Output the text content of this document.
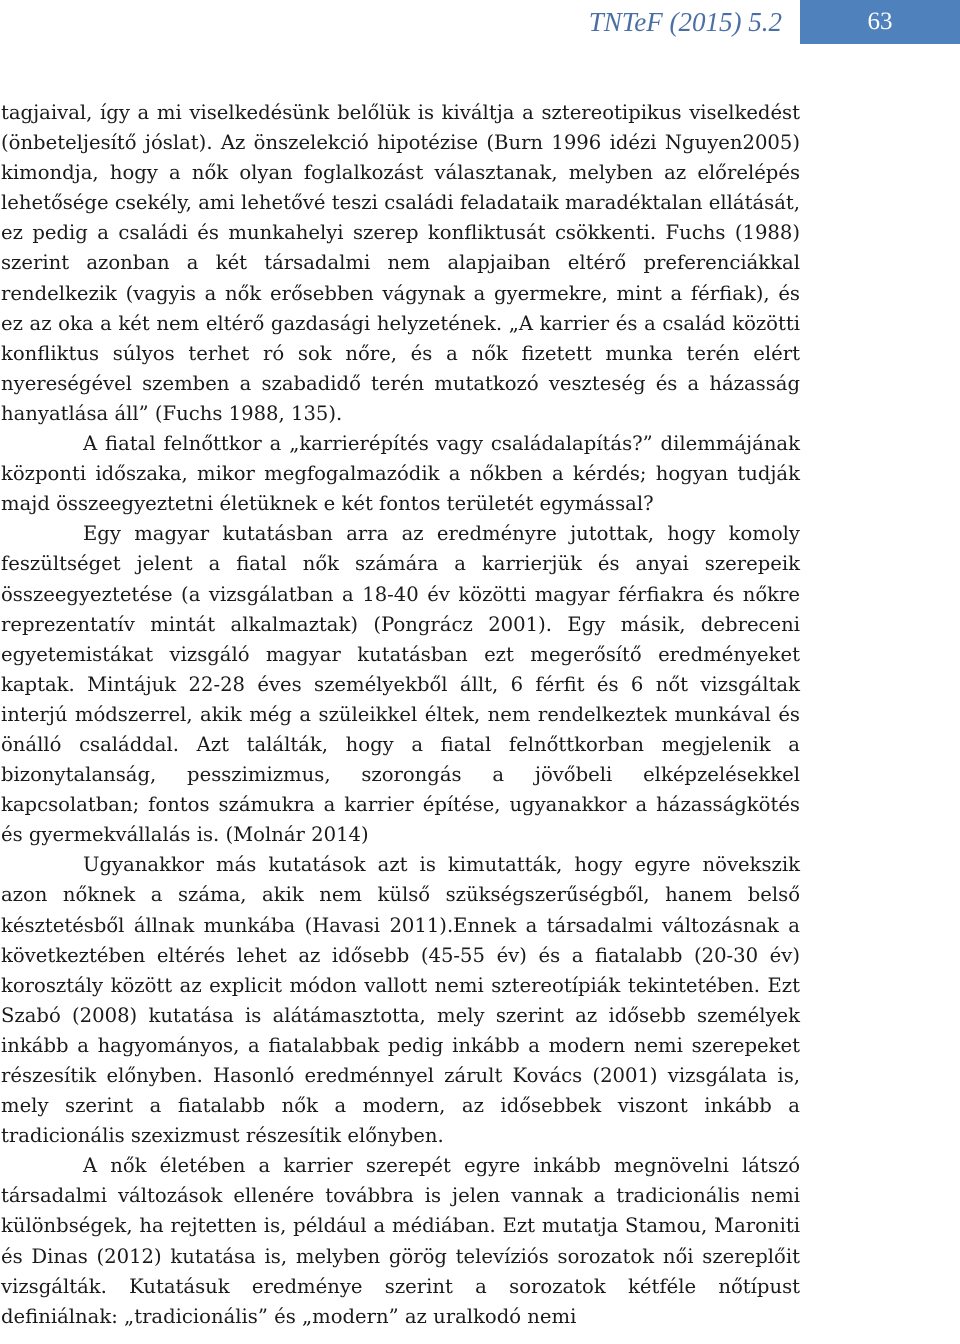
TNTeF (2015) 5.2	63

tagjaival, így a mi viselkedésünk belőlük is kiváltja a sztereotipikus viselkedést (önbeteljesítő jóslat). Az önszelekció hipotézise (Burn 1996 idézi Nguyen2005) kimondja, hogy a nők olyan foglalkozást választanak, melyben az előrelépés lehetősége csekély, ami lehetővé teszi családi feladataik maradéktalan ellátását, ez pedig a családi és munkahelyi szerep konfliktusát csökkenti. Fuchs (1988) szerint azonban a két társadalmi nem alapjaiban eltérő preferenciákkal rendelkezik (vagyis a nők erősebben vágynak a gyermekre, mint a férfiak), és ez az oka a két nem eltérő gazdasági helyzetének. „A karrier és a család közötti konfliktus súlyos terhet ró sok nőre, és a nők fizetett munka terén elért nyereségével szemben a szabadidő terén mutatkozó veszteség és a házasság hanyatlása áll” (Fuchs 1988, 135).

A fiatal felnőttkor a „karrierépítés vagy családalapítás?” dilemmájának központi időszaka, mikor megfogalmazódik a nőkben a kérdés; hogyan tudják majd összeegyeztetni életüknek e két fontos területét egymással?

Egy magyar kutatásban arra az eredményre jutottak, hogy komoly feszültséget jelent a fiatal nők számára a karrierjük és anyai szerepeik összeegyeztetése (a vizsgálatban a 18-40 év közötti magyar férfiakra és nőkre reprezentatív mintát alkalmaztak) (Pongrácz 2001). Egy másik, debreceni egyetemistákat vizsgáló magyar kutatásban ezt megerősítő eredményeket kaptak. Mintájuk 22-28 éves személyekből állt, 6 férfit és 6 nőt vizsgáltak interjú módszerrel, akik még a szüleikkel éltek, nem rendelkeztek munkával és önálló családdal. Azt találták, hogy a fiatal felnőttkorban megjelenik a bizonytalanság, pesszimizmus, szorongás a jövőbeli elképzelésekkel kapcsolatban; fontos számukra a karrier építése, ugyanakkor a házasságkötés és gyermekvállalás is. (Molnár 2014)

Ugyanakkor más kutatások azt is kimutatták, hogy egyre növekszik azon nőknek a száma, akik nem külső szükségszerűségből, hanem belső késztetésből állnak munkába (Havasi 2011).Ennek a társadalmi változásnak a következtében eltérés lehet az idősebb (45-55 év) és a fiatalabb (20-30 év) korosztály között az explicit módon vallott nemi sztereotípiák tekintetében. Ezt Szabó (2008) kutatása is alátámasztotta, mely szerint az idősebb személyek inkább a hagyományos, a fiatalabbak pedig inkább a modern nemi szerepeket részesítik előnyben. Hasonló eredménnyel zárult Kovács (2001) vizsgálata is, mely szerint a fiatalabb nők a modern, az idősebbek viszont inkább a tradicionális szexizmust részesítik előnyben.

A nők életében a karrier szerepét egyre inkább megnövelni látszó társadalmi változások ellenére továbbra is jelen vannak a tradicionális nemi különbségek, ha rejtetten is, például a médiában. Ezt mutatja Stamou, Maroniti és Dinas (2012) kutatása is, melyben görög televíziós sorozatok női szereplőit vizsgálták. Kutatásuk eredménye szerint a sorozatok kétféle nőtípust definiálnak: „tradicionális” és „modern” az uralkodó nemi
